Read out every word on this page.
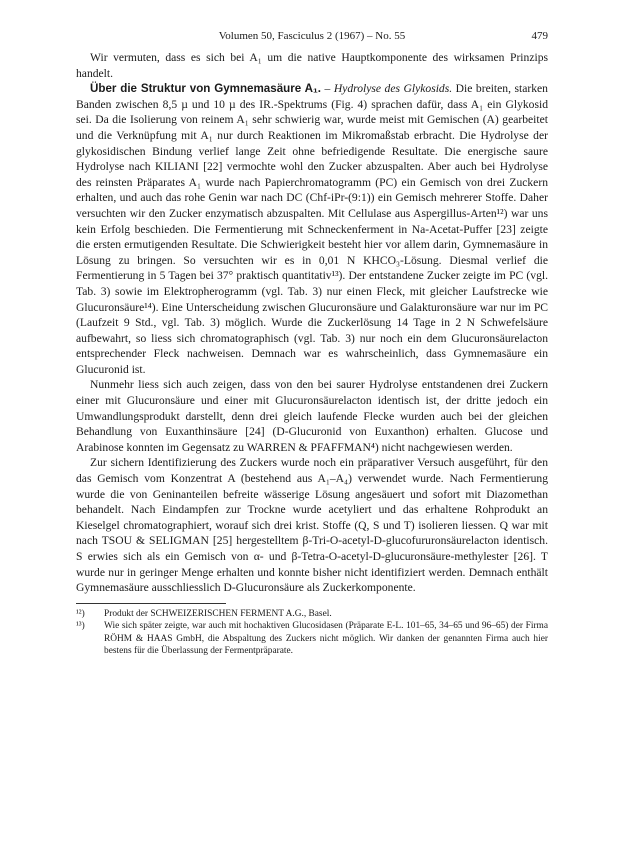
Volumen 50, Fasciculus 2 (1967) – No. 55	479

Wir vermuten, dass es sich bei A₁ um die native Hauptkomponente des wirksamen Prinzips handelt.

Über die Struktur von Gymnemasäure A₁. – Hydrolyse des Glykosids. Die breiten, starken Banden zwischen 8,5 µ und 10 µ des IR.-Spektrums (Fig. 4) sprachen dafür, dass A₁ ein Glykosid sei. Da die Isolierung von reinem A₁ sehr schwierig war, wurde meist mit Gemischen (A) gearbeitet und die Verknüpfung mit A₁ nur durch Reaktionen im Mikromaßstab erbracht. Die Hydrolyse der glykosidischen Bindung verlief lange Zeit ohne befriedigende Resultate. Die energische saure Hydrolyse nach KILIANI [22] vermochte wohl den Zucker abzuspalten. Aber auch bei Hydrolyse des reinsten Präparates A₁ wurde nach Papierchromatogramm (PC) ein Gemisch von drei Zuckern erhalten, und auch das rohe Genin war nach DC (Chf-iPr-(9:1)) ein Gemisch mehrerer Stoffe. Daher versuchten wir den Zucker enzymatisch abzuspalten. Mit Cellulase aus Aspergillus-Arten¹²) war uns kein Erfolg beschieden. Die Fermentierung mit Schneckenferment in Na-Acetat-Puffer [23] zeigte die ersten ermutigenden Resultate. Die Schwierigkeit besteht hier vor allem darin, Gymnemasäure in Lösung zu bringen. So versuchten wir es in 0,01 N KHCO₃-Lösung. Diesmal verlief die Fermentierung in 5 Tagen bei 37° praktisch quantitativ¹³). Der entstandene Zucker zeigte im PC (vgl. Tab. 3) sowie im Elektropherogramm (vgl. Tab. 3) nur einen Fleck, mit gleicher Laufstrecke wie Glucuronsäure¹⁴). Eine Unterscheidung zwischen Glucuronsäure und Galakturonsäure war nur im PC (Laufzeit 9 Std., vgl. Tab. 3) möglich. Wurde die Zuckerlösung 14 Tage in 2 N Schwefelsäure aufbewahrt, so liess sich chromatographisch (vgl. Tab. 3) nur noch ein dem Glucuronsäurelacton entsprechender Fleck nachweisen. Demnach war es wahrscheinlich, dass Gymnemasäure ein Glucuronid ist.

Nunmehr liess sich auch zeigen, dass von den bei saurer Hydrolyse entstandenen drei Zuckern einer mit Glucuronsäure und einer mit Glucuronsäurelacton identisch ist, der dritte jedoch ein Umwandlungsprodukt darstellt, denn drei gleich laufende Flecke wurden auch bei der gleichen Behandlung von Euxanthinsäure [24] (D-Glucuronid von Euxanthon) erhalten. Glucose und Arabinose konnten im Gegensatz zu WARREN & PFAFFMAN⁴) nicht nachgewiesen werden.

Zur sichern Identifizierung des Zuckers wurde noch ein präparativer Versuch ausgeführt, für den das Gemisch vom Konzentrat A (bestehend aus A₁–A₄) verwendet wurde. Nach Fermentierung wurde die von Geninanteilen befreite wässerige Lösung angesäuert und sofort mit Diazomethan behandelt. Nach Eindampfen zur Trockne wurde acetyliert und das erhaltene Rohprodukt an Kieselgel chromatographiert, worauf sich drei krist. Stoffe (Q, S und T) isolieren liessen. Q war mit nach TSOU & SELIGMAN [25] hergestelltem β-Tri-O-acetyl-D-glucofururonsäurelacton identisch. S erwies sich als ein Gemisch von α- und β-Tetra-O-acetyl-D-glucuronsäure-methylester [26]. T wurde nur in geringer Menge erhalten und konnte bisher nicht identifiziert werden. Demnach enthält Gymnemasäure ausschliesslich D-Glucuronsäure als Zuckerkomponente.

¹²) Produkt der SCHWEIZERISCHEN FERMENT A.G., Basel.

¹³) Wie sich später zeigte, war auch mit hochaktiven Glucosidasen (Präparate E-L. 101–65, 34–65 und 96–65) der Firma RÖHM & HAAS GmbH, die Abspaltung des Zuckers nicht möglich. Wir danken der genannten Firma auch hier bestens für die Überlassung der Fermentpräparate.
